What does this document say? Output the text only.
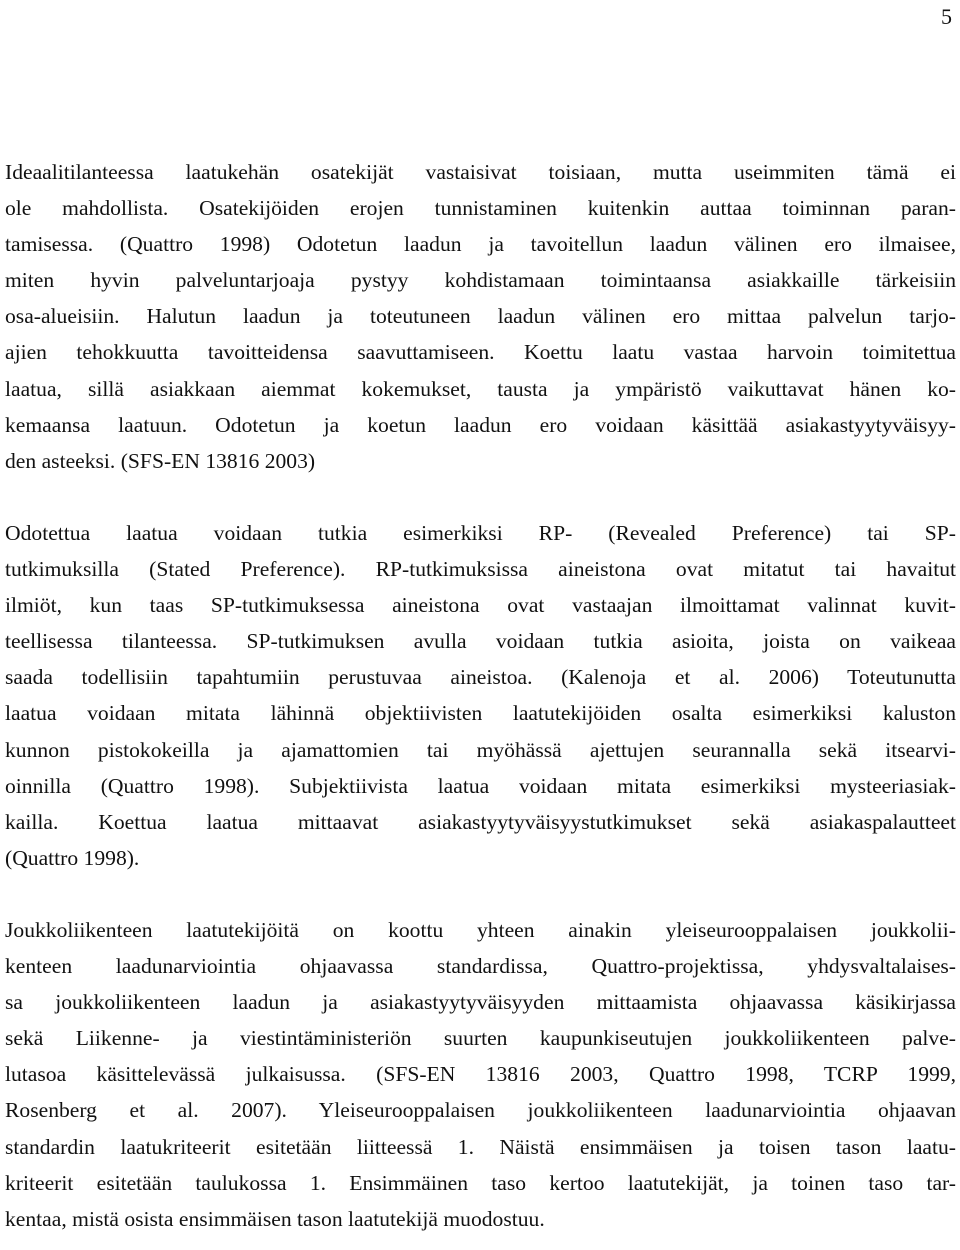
5
Ideaalitilanteessa laatukehän osatekijät vastaisivat toisiaan, mutta useimmiten tämä ei
ole mahdollista. Osatekijöiden erojen tunnistaminen kuitenkin auttaa toiminnan paran-
tamisessa. (Quattro 1998) Odotetun laadun ja tavoitellun laadun välinen ero ilmaisee,
miten hyvin palveluntarjoaja pystyy kohdistamaan toimintaansa asiakkaille tärkeisiin
osa-alueisiin. Halutun laadun ja toteutuneen laadun välinen ero mittaa palvelun tarjo-
ajien tehokkuutta tavoitteidensa saavuttamiseen. Koettu laatu vastaa harvoin toimitettua
laatua, sillä asiakkaan aiemmat kokemukset, tausta ja ympäristö vaikuttavat hänen ko-
kemaansa laatuun. Odotetun ja koetun laadun ero voidaan käsittää asiakastyytyväisyy-
den asteeksi. (SFS-EN 13816 2003)
Odotettua laatua voidaan tutkia esimerkiksi RP- (Revealed Preference) tai SP-
tutkimuksilla (Stated Preference). RP-tutkimuksissa aineistona ovat mitatut tai havaitut
ilmiöt, kun taas SP-tutkimuksessa aineistona ovat vastaajan ilmoittamat valinnat kuvit-
teellisessa tilanteessa. SP-tutkimuksen avulla voidaan tutkia asioita, joista on vaikeaa
saada todellisiin tapahtumiin perustuvaa aineistoa. (Kalenoja et al. 2006) Toteutunutta
laatua voidaan mitata lähinnä objektiivisten laatutekijöiden osalta esimerkiksi kaluston
kunnon pistokokeilla ja ajamattomien tai myöhässä ajettujen seurannalla sekä itsearvi-
oinnilla (Quattro 1998). Subjektiivista laatua voidaan mitata esimerkiksi mysteeriasiak-
kailla. Koettua laatua mittaavat asiakastyytyväisyystutkimukset sekä asiakaspalautteet
(Quattro 1998).
Joukkoliikenteen laatutekijöitä on koottu yhteen ainakin yleiseurooppalaisen joukkolii-
kenteen laadunarviointia ohjaavassa standardissa, Quattro-projektissa, yhdysvaltalaises-
sa joukkoliikenteen laadun ja asiakastyytyväisyyden mittaamista ohjaavassa käsikirjassa
sekä Liikenne- ja viestintäministeriön suurten kaupunkiseutujen joukkoliikenteen palve-
lutasoa käsittelevässä julkaisussa. (SFS-EN 13816 2003, Quattro 1998, TCRP 1999,
Rosenberg et al. 2007). Yleiseurooppalaisen joukkoliikenteen laadunarviointia ohjaavan
standardin laatukriteerit esitetään liitteessä 1. Näistä ensimmäisen ja toisen tason laatu-
kriteerit esitetään taulukossa 1. Ensimmäinen taso kertoo laatutekijät, ja toinen taso tar-
kentaa, mistä osista ensimmäisen tason laatutekijä muodostuu.
